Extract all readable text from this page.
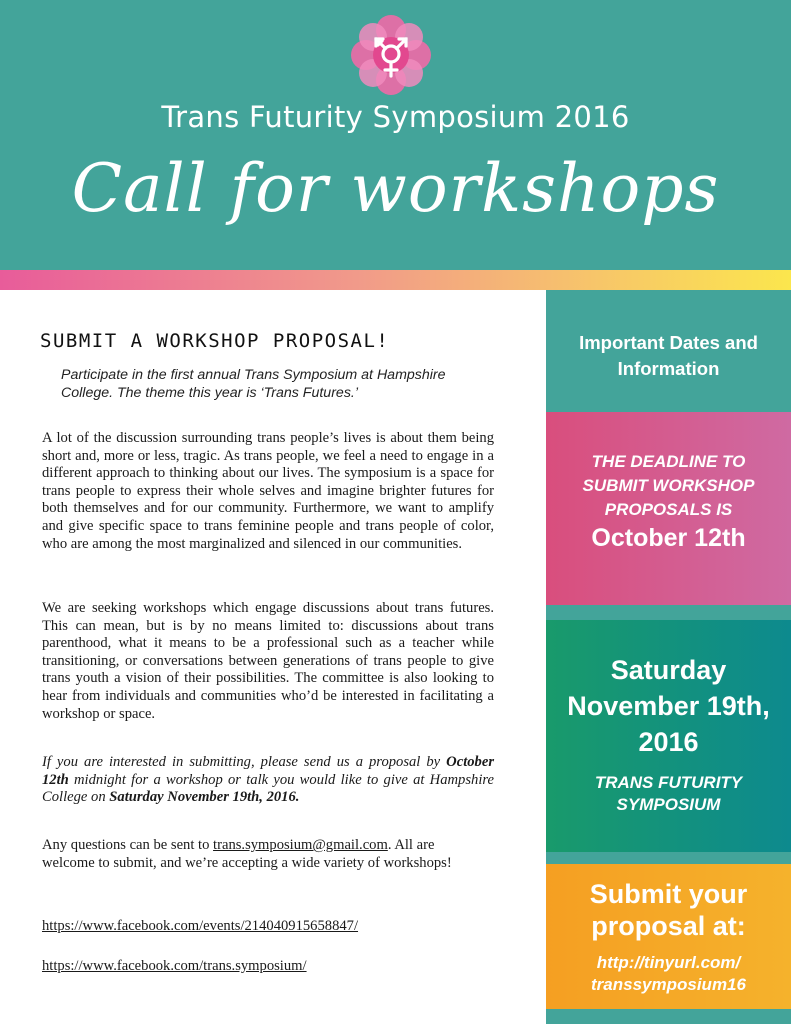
Trans Futurity Symposium 2016
Call for workshops
SUBMIT A WORKSHOP PROPOSAL!

Participate in the first annual Trans Symposium at Hampshire College. The theme this year is ‘Trans Futures.’

A lot of the discussion surrounding trans people’s lives is about them being short and, more or less, tragic. As trans people, we feel a need to engage in a different approach to thinking about our lives. The symposium is a space for trans people to express their whole selves and imagine brighter futures for both themselves and for our community. Furthermore, we want to amplify and give specific space to trans feminine people and trans people of color, who are among the most marginalized and silenced in our communities.

We are seeking workshops which engage discussions about trans futures. This can mean, but is by no means limited to: discussions about trans parenthood, what it means to be a professional such as a teacher while transitioning, or conversations between generations of trans people to give trans youth a vision of their possibilities. The committee is also looking to hear from individuals and communities who’d be interested in facilitating a workshop or space.

If you are interested in submitting, please send us a proposal by October 12th midnight for a workshop or talk you would like to give at Hampshire College on Saturday November 19th, 2016.

Any questions can be sent to trans.symposium@gmail.com. All are welcome to submit, and we’re accepting a wide variety of workshops!

https://www.facebook.com/events/214040915658847/
https://www.facebook.com/trans.symposium/
Important Dates and
Information
THE DEADLINE TO
SUBMIT WORKSHOP
PROPOSALS IS
October 12th
Saturday
November 19th,
2016
TRANS FUTURITY
SYMPOSIUM
Submit your
proposal at:
http://tinyurl.com/
transsymposium16
